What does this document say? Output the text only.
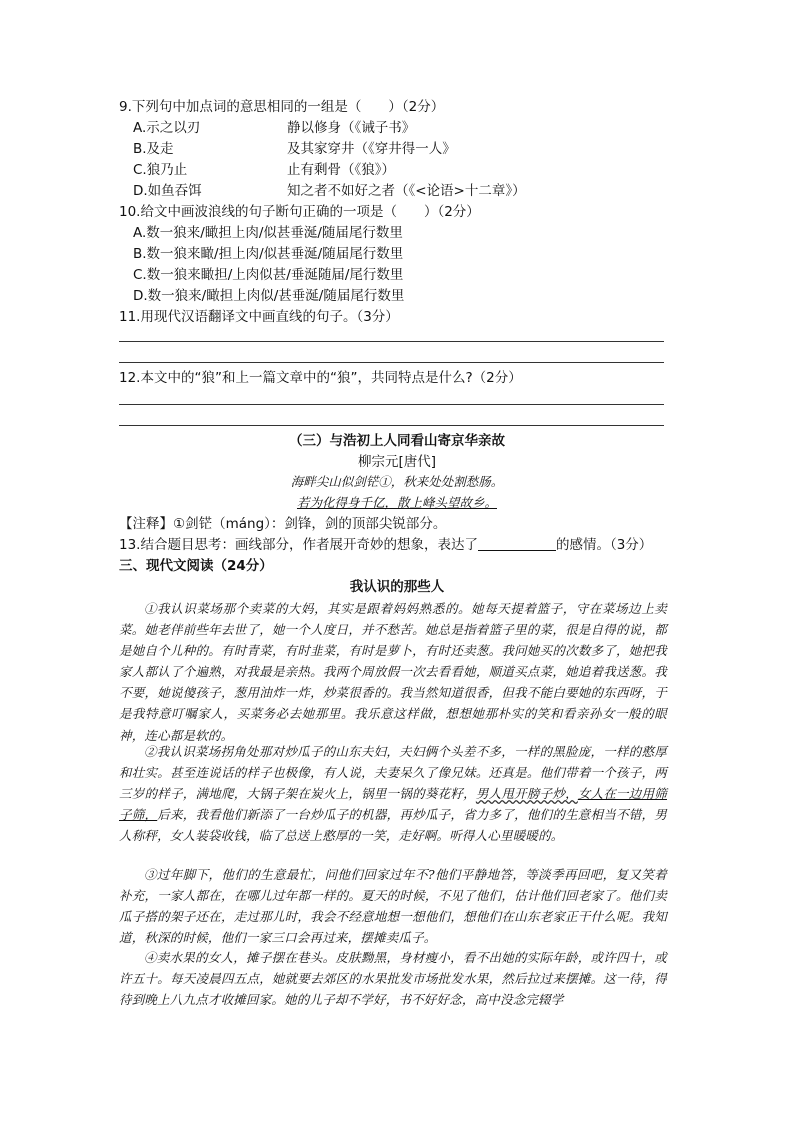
9.下列句中加点词的意思相同的一组是（　　）（2分）
A.示之以刃	静以修身（《诫子书》
B.及走	及其家穿井（《穿井得一人》
C.狼乃止	止有剩骨（《狼》）
D.如鱼吞饵	知之者不如好之者（《<论语>十二章》）
10.给文中画波浪线的句子断句正确的一项是（　　）（2分）
A.数一狼来/瞰担上肉/似甚垂涎/随届尾行数里
B.数一狼来瞰/担上肉/似甚垂涎/随届尾行数里
C.数一狼来瞰担/上肉似甚/垂涎随届/尾行数里
D.数一狼来/瞰担上肉似/甚垂涎/随届尾行数里
11.用现代汉语翻译文中画直线的句子。（3分）
12.本文中的“狼”和上一篇文章中的“狼”，共同特点是什么?（2分）
（三）与浩初上人同看山寄京华亲故
柳宗元[唐代]
海畔尖山似剑铓①，秋来处处割愁肠。
若为化得身千亿，散上峰头望故乡。
【注释】①剑铓（máng）：剑锋，剑的顶部尖锐部分。
13.结合题目思考：画线部分，作者展开奇妙的想象，表达了	的感情。（3分）
三、现代文阅读（24分）
我认识的那些人
①我认识菜场那个卖菜的大妈，其实是跟着妈妈熟悉的。她每天提着篮子，守在菜场边上卖菜。她老伴前些年去世了，她一个人度日，并不愁苦。她总是指着篮子里的菜，很是自得的说，都是她自个儿种的。有时青菜，有时韭菜，有时是萝卜，有时还卖葱。我问她买的次数多了，她把我家人都认了个遍熟，对我最是亲热。我两个周放假一次去看看她，顺道买点菜，她追着我送葱。我不要，她说傻孩子，葱用油炸一炸，炒菜很香的。我当然知道很香，但我不能白要她的东西呀，于是我特意叮嘱家人，买菜务必去她那里。我乐意这样做，想想她那朴实的笑和看亲孙女一般的眼神，连心都是软的。
②我认识菜场拐角处那对炒瓜子的山东夫妇，夫妇俩个头差不多，一样的黑脸庞，一样的憨厚和壮实。甚至连说话的样子也极像，有人说，夫妻呆久了像兄妹。还真是。他们带着一个孩子，两三岁的样子，满地爬，大锅子架在炭火上，锅里一锅的葵花籽，男人甩开膀子炒，女人在一边用筛子筛，后来，我看他们新添了一台炒瓜子的机器，再炒瓜子，省力多了，他们的生意相当不错，男人称秤，女人装袋收钱，临了总送上憨厚的一笑，走好啊。听得人心里暖暖的。
③过年脚下，他们的生意最忙，问他们回家过年不?他们平静地答，等淡季再回吧，复又笑着补充，一家人都在，在哪儿过年都一样的。夏天的时候，不见了他们，估计他们回老家了。他们卖瓜子搭的架子还在，走过那儿时，我会不经意地想一想他们，想他们在山东老家正干什么呢。我知道，秋深的时候，他们一家三口会再过来，摆摊卖瓜子。
④卖水果的女人，摊子摆在巷头。皮肤黝黑，身材瘦小，看不出她的实际年龄，或许四十，或许五十。每天凌晨四五点，她就要去郊区的水果批发市场批发水果，然后拉过来摆摊。这一待，得待到晚上八九点才收摊回家。她的儿子却不学好，书不好好念，高中没念完辍学
